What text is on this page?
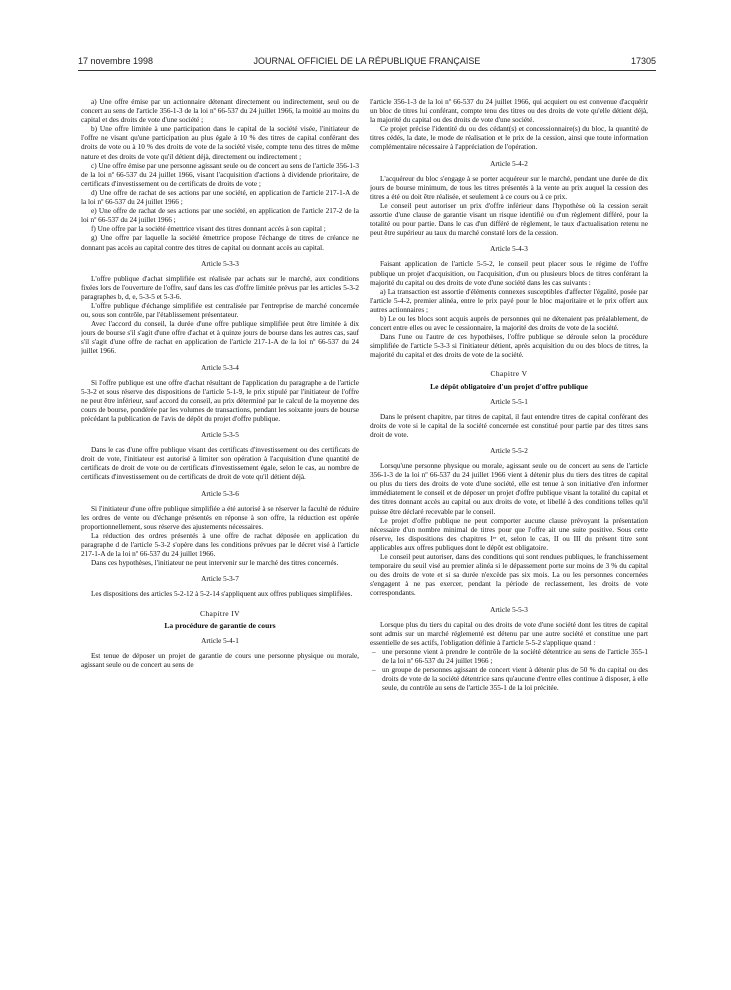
17 novembre 1998	JOURNAL OFFICIEL DE LA RÉPUBLIQUE FRANÇAISE	17305

a) Une offre émise par un actionnaire détenant directement ou indirectement, seul ou de concert au sens de l'article 356-1-3 de la loi nº 66-537 du 24 juillet 1966, la moitié au moins du capital et des droits de vote d'une société ;

b) Une offre limitée à une participation dans le capital de la société visée, l'initiateur de l'offre ne visant qu'une participation au plus égale à 10 % des titres de capital conférant des droits de vote ou à 10 % des droits de vote de la société visée, compte tenu des titres de même nature et des droits de vote qu'il détient déjà, directement ou indirectement ;

c) Une offre émise par une personne agissant seule ou de concert au sens de l'article 356-1-3 de la loi nº 66-537 du 24 juillet 1966, visant l'acquisition d'actions à dividende prioritaire, de certificats d'investissement ou de certificats de droits de vote ;

d) Une offre de rachat de ses actions par une société, en application de l'article 217-1-A de la loi nº 66-537 du 24 juillet 1966 ;

e) Une offre de rachat de ses actions par une société, en application de l'article 217-2 de la loi nº 66-537 du 24 juillet 1966 ;

f) Une offre par la société émettrice visant des titres donnant accès à son capital ;

g) Une offre par laquelle la société émettrice propose l'échange de titres de créance ne donnant pas accès au capital contre des titres de capital ou donnant accès au capital.

Article 5-3-3

L'offre publique d'achat simplifiée est réalisée par achats sur le marché, aux conditions fixées lors de l'ouverture de l'offre, sauf dans les cas d'offre limitée prévus par les articles 5-3-2 paragraphes b, d, e, 5-3-5 et 5-3-6.

L'offre publique d'échange simplifiée est centralisée par l'entreprise de marché concernée ou, sous son contrôle, par l'établissement présentateur.

Avec l'accord du conseil, la durée d'une offre publique simplifiée peut être limitée à dix jours de bourse s'il s'agit d'une offre d'achat et à quinze jours de bourse dans les autres cas, sauf s'il s'agit d'une offre de rachat en application de l'article 217-1-A de la loi nº 66-537 du 24 juillet 1966.

Article 5-3-4

Si l'offre publique est une offre d'achat résultant de l'application du paragraphe a de l'article 5-3-2 et sous réserve des dispositions de l'article 5-1-9, le prix stipulé par l'initiateur de l'offre ne peut être inférieur, sauf accord du conseil, au prix déterminé par le calcul de la moyenne des cours de bourse, pondérée par les volumes de transactions, pendant les soixante jours de bourse précédant la publication de l'avis de dépôt du projet d'offre publique.

Article 5-3-5

Dans le cas d'une offre publique visant des certificats d'investissement ou des certificats de droit de vote, l'initiateur est autorisé à limiter son opération à l'acquisition d'une quantité de certificats de droit de vote ou de certificats d'investissement égale, selon le cas, au nombre de certificats d'investissement ou de certificats de droit de vote qu'il détient déjà.

Article 5-3-6

Si l'initiateur d'une offre publique simplifiée a été autorisé à se réserver la faculté de réduire les ordres de vente ou d'échange présentés en réponse à son offre, la réduction est opérée proportionnellement, sous réserve des ajustements nécessaires.

La réduction des ordres présentés à une offre de rachat déposée en application du paragraphe d de l'article 5-3-2 s'opère dans les conditions prévues par le décret visé à l'article 217-1-A de la loi nº 66-537 du 24 juillet 1966.

Dans ces hypothèses, l'initiateur ne peut intervenir sur le marché des titres concernés.

Article 5-3-7

Les dispositions des articles 5-2-12 à 5-2-14 s'appliquent aux offres publiques simplifiées.

Chapitre IV

La procédure de garantie de cours

Article 5-4-1

Est tenue de déposer un projet de garantie de cours une personne physique ou morale, agissant seule ou de concert au sens de

l'article 356-1-3 de la loi nº 66-537 du 24 juillet 1966, qui acquiert ou est convenue d'acquérir un bloc de titres lui conférant, compte tenu des titres ou des droits de vote qu'elle détient déjà, la majorité du capital ou des droits de vote d'une société.

Ce projet précise l'identité du ou des cédant(s) et concessionnaire(s) du bloc, la quantité de titres cédés, la date, le mode de réalisation et le prix de la cession, ainsi que toute information complémentaire nécessaire à l'appréciation de l'opération.

Article 5-4-2

L'acquéreur du bloc s'engage à se porter acquéreur sur le marché, pendant une durée de dix jours de bourse minimum, de tous les titres présentés à la vente au prix auquel la cession des titres a été ou doit être réalisée, et seulement à ce cours ou à ce prix.

Le conseil peut autoriser un prix d'offre inférieur dans l'hypothèse où la cession serait assortie d'une clause de garantie visant un risque identifié ou d'un règlement différé, pour la totalité ou pour partie. Dans le cas d'un différé de règlement, le taux d'actualisation retenu ne peut être supérieur au taux du marché constaté lors de la cession.

Article 5-4-3

Faisant application de l'article 5-5-2, le conseil peut placer sous le régime de l'offre publique un projet d'acquisition, ou l'acquisition, d'un ou plusieurs blocs de titres conférant la majorité du capital ou des droits de vote d'une société dans les cas suivants :

a) La transaction est assortie d'éléments connexes susceptibles d'affecter l'égalité, posée par l'article 5-4-2, premier alinéa, entre le prix payé pour le bloc majoritaire et le prix offert aux autres actionnaires ;

b) Le ou les blocs sont acquis auprès de personnes qui ne détenaient pas préalablement, de concert entre elles ou avec le cessionnaire, la majorité des droits de vote de la société.

Dans l'une ou l'autre de ces hypothèses, l'offre publique se déroule selon la procédure simplifiée de l'article 5-3-3 si l'initiateur détient, après acquisition du ou des blocs de titres, la majorité du capital et des droits de vote de la société.

Chapitre V

Le dépôt obligatoire d'un projet d'offre publique

Article 5-5-1

Dans le présent chapitre, par titres de capital, il faut entendre titres de capital conférant des droits de vote si le capital de la société concernée est constitué pour partie par des titres sans droit de vote.

Article 5-5-2

Lorsqu'une personne physique ou morale, agissant seule ou de concert au sens de l'article 356-1-3 de la loi nº 66-537 du 24 juillet 1966 vient à détenir plus du tiers des titres de capital ou plus du tiers des droits de vote d'une société, elle est tenue à son initiative d'en informer immédiatement le conseil et de déposer un projet d'offre publique visant la totalité du capital et des titres donnant accès au capital ou aux droits de vote, et libellé à des conditions telles qu'il puisse être déclaré recevable par le conseil.

Le projet d'offre publique ne peut comporter aucune clause prévoyant la présentation nécessaire d'un nombre minimal de titres pour que l'offre ait une suite positive. Sous cette réserve, les dispositions des chapitres Iᵉʳ et, selon le cas, II ou III du présent titre sont applicables aux offres publiques dont le dépôt est obligatoire.

Le conseil peut autoriser, dans des conditions qui sont rendues publiques, le franchissement temporaire du seuil visé au premier alinéa si le dépassement porte sur moins de 3 % du capital ou des droits de vote et si sa durée n'excède pas six mois. La ou les personnes concernées s'engagent à ne pas exercer, pendant la période de reclassement, les droits de vote correspondants.

Article 5-5-3

Lorsque plus du tiers du capital ou des droits de vote d'une société dont les titres de capital sont admis sur un marché réglementé est détenu par une autre société et constitue une part essentielle de ses actifs, l'obligation définie à l'article 5-5-2 s'applique quand :

– une personne vient à prendre le contrôle de la société détentrice au sens de l'article 355-1 de la loi nº 66-537 du 24 juillet 1966 ;
– un groupe de personnes agissant de concert vient à détenir plus de 50 % du capital ou des droits de vote de la société détentrice sans qu'aucune d'entre elles continue à disposer, à elle seule, du contrôle au sens de l'article 355-1 de la loi précitée.
